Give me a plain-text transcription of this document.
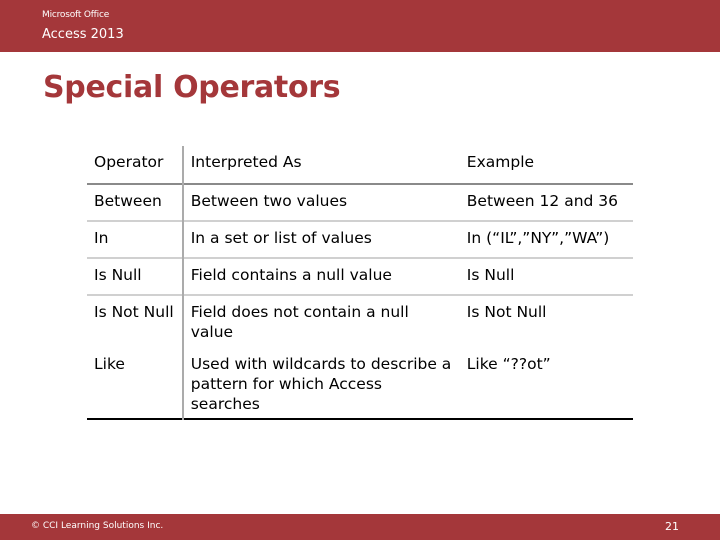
Microsoft Office
Access 2013
Special Operators
Operator	Interpreted As	Example
Between	Between two values	Between 12 and 36
In	In a set or list of values	In (“IL”,”NY”,”WA”)
Is Null	Field contains a null value	Is Null
Is Not Null	Field does not contain a null value	Is Not Null
Like	Used with wildcards to describe a pattern for which Access searches	Like “??ot”
© CCI Learning Solutions Inc.	21
